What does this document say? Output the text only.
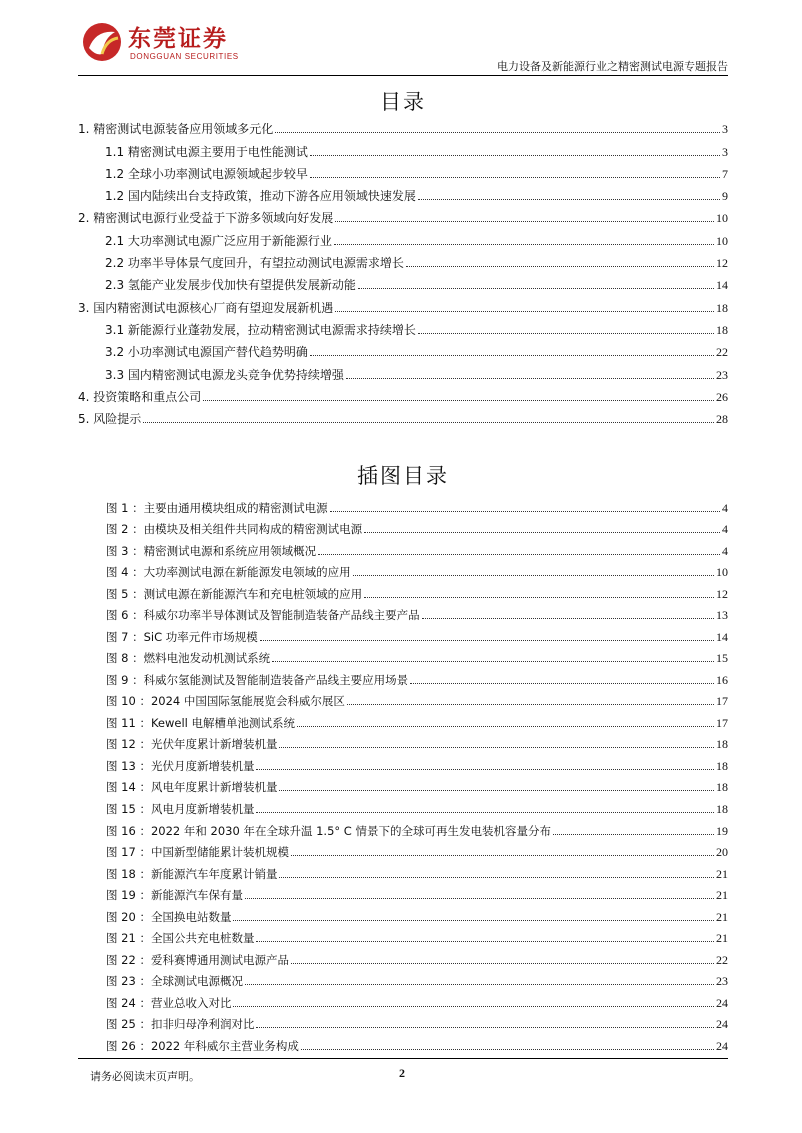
东莞证券
DONGGUAN SECURITIES
电力设备及新能源行业之精密测试电源专题报告
目录
1. 精密测试电源装备应用领域多元化	3
1.1 精密测试电源主要用于电性能测试	3
1.2 全球小功率测试电源领域起步较早	7
1.2 国内陆续出台支持政策，推动下游各应用领域快速发展	9
2. 精密测试电源行业受益于下游多领域向好发展	10
2.1 大功率测试电源广泛应用于新能源行业	10
2.2 功率半导体景气度回升，有望拉动测试电源需求增长	12
2.3 氢能产业发展步伐加快有望提供发展新动能	14
3. 国内精密测试电源核心厂商有望迎发展新机遇	18
3.1 新能源行业蓬勃发展，拉动精密测试电源需求持续增长	18
3.2 小功率测试电源国产替代趋势明确	22
3.3 国内精密测试电源龙头竞争优势持续增强	23
4. 投资策略和重点公司	26
5. 风险提示	28
插图目录
图 1 ：主要由通用模块组成的精密测试电源	4
图 2 ：由模块及相关组件共同构成的精密测试电源	4
图 3 ：精密测试电源和系统应用领域概况	4
图 4 ：大功率测试电源在新能源发电领域的应用	10
图 5 ：测试电源在新能源汽车和充电桩领域的应用	12
图 6 ：科威尔功率半导体测试及智能制造装备产品线主要产品	13
图 7 ：SiC 功率元件市场规模	14
图 8 ：燃料电池发动机测试系统	15
图 9 ：科威尔氢能测试及智能制造装备产品线主要应用场景	16
图 10 ：2024 中国国际氢能展览会科威尔展区	17
图 11 ：Kewell 电解槽单池测试系统	17
图 12 ：光伏年度累计新增装机量	18
图 13 ：光伏月度新增装机量	18
图 14 ：风电年度累计新增装机量	18
图 15 ：风电月度新增装机量	18
图 16 ：2022 年和 2030 年在全球升温 1.5° C 情景下的全球可再生发电装机容量分布	19
图 17 ：中国新型储能累计装机规模	20
图 18 ：新能源汽车年度累计销量	21
图 19 ：新能源汽车保有量	21
图 20 ：全国换电站数量	21
图 21 ：全国公共充电桩数量	21
图 22 ：爱科赛博通用测试电源产品	22
图 23 ：全球测试电源概况	23
图 24 ：营业总收入对比	24
图 25 ：扣非归母净利润对比	24
图 26 ：2022 年科威尔主营业务构成	24
请务必阅读末页声明。	2
